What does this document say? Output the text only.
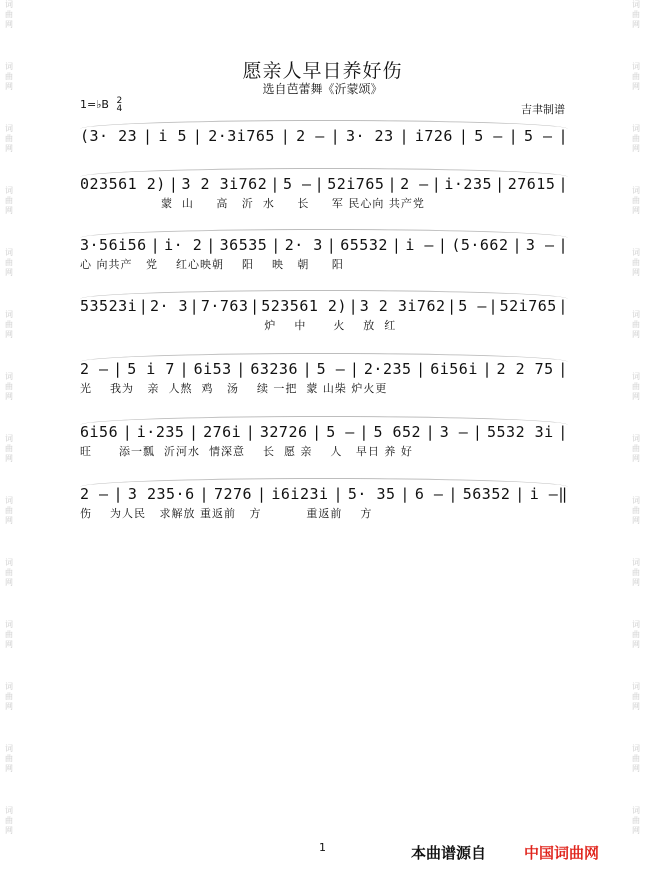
词
曲
网
词
曲
网
词
曲
网
词
曲
网
词
曲
网
词
曲
网
词
曲
网
词
曲
网
词
曲
网
词
曲
网
词
曲
网
词
曲
网
词
曲
网
词
曲
网
词
曲
网
词
曲
网
词
曲
网
词
曲
网
词
曲
网
词
曲
网
词
曲
网
词
曲
网
词
曲
网
词
曲
网
词
曲
网
词
曲
网
词
曲
网
词
曲
网
愿亲人早日养好伤
选自芭蕾舞《沂蒙颂》
1=♭B 2
4	吉聿制谱
(3· 23 | i 5 | 2·3i765 | 2 — | 3· 23 | i726 | 5 — | 5 — |
023561 2) | 3 2 3i762 | 5 — | 52i765 | 2 — | i·235 | 27615 |
蒙  山     高   沂  水     长     军 民心向 共产党
3·56i56 | i· 2 | 36535 | 2· 3 | 65532 | i — | (5·662 | 3 — |
心 向共产   党    红心映朝    阳    映   朝     阳
53523i | 2· 3 | 7·763 | 523561 2) | 3 2 3i762 | 5 — | 52i765 |
炉    中      火    放  红
2 — | 5 i 7 | 6i53 | 63236 | 5 — | 2·235 | 6i56i | 2 2 75 |
光    我为   亲  人熬  鸡   汤    续 一把  蒙 山柴 炉火更
6i56 | i·235 | 276i | 32726 | 5 — | 5 652 | 3 — | 5532 3i |
旺      添一瓢  沂河水  情深意    长  愿 亲    人   早日 养 好
2 — | 3 235·6 | 7276 | i6i23i | 5· 35 | 6 — | 56352 | i —‖
伤    为人民   求解放 重返前   方          重返前    方
1	本曲谱源自	中国词曲网
